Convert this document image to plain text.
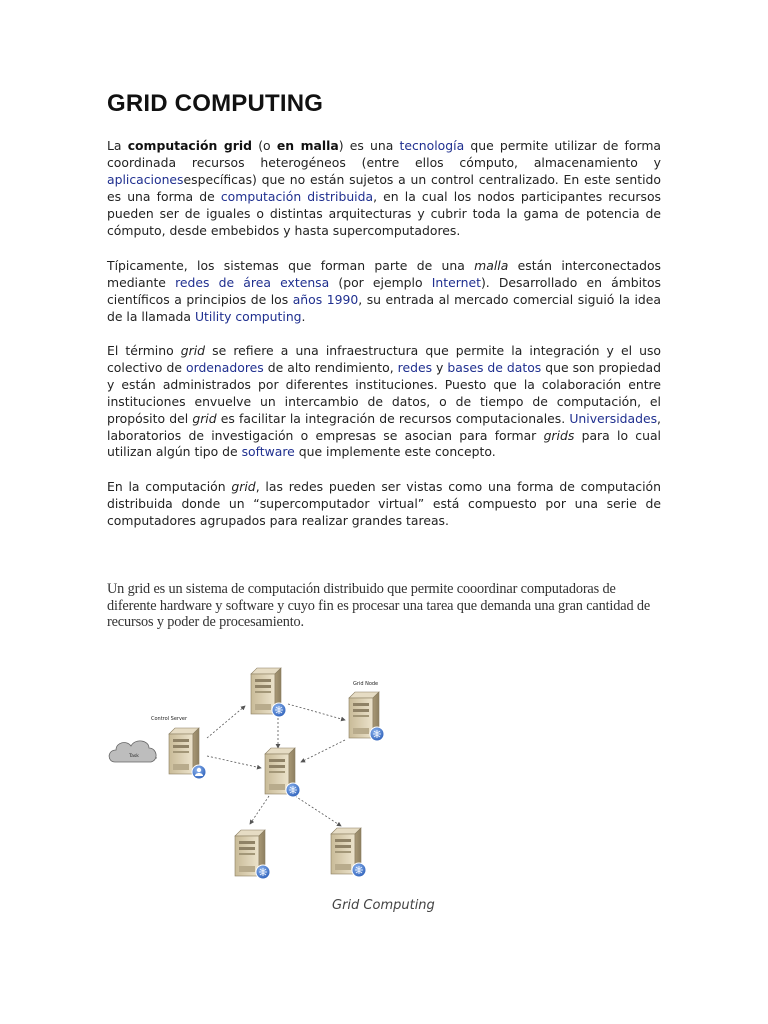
GRID COMPUTING

La computación grid (o en malla) es una tecnología que permite utilizar de forma coordinada recursos heterogéneos (entre ellos cómputo, almacenamiento y aplicacionesespecíficas) que no están sujetos a un control centralizado. En este sentido es una forma de computación distribuida, en la cual los nodos participantes recursos pueden ser de iguales o distintas arquitecturas y cubrir toda la gama de potencia de cómputo, desde embebidos y hasta supercomputadores.

Típicamente, los sistemas que forman parte de una malla están interconectados mediante redes de área extensa (por ejemplo Internet). Desarrollado en ámbitos científicos a principios de los años 1990, su entrada al mercado comercial siguió la idea de la llamada Utility computing.

El término grid se refiere a una infraestructura que permite la integración y el uso colectivo de ordenadores de alto rendimiento, redes y bases de datos que son propiedad y están administrados por diferentes instituciones. Puesto que la colaboración entre instituciones envuelve un intercambio de datos, o de tiempo de computación, el propósito del grid es facilitar la integración de recursos computacionales. Universidades, laboratorios de investigación o empresas se asocian para formar grids para lo cual utilizan algún tipo de software que implemente este concepto.

En la computación grid, las redes pueden ser vistas como una forma de computación distribuida donde un “supercomputador virtual” está compuesto por una serie de computadores agrupados para realizar grandes tareas.

Un grid es un sistema de computación distribuido que permite cooordinar computadoras de diferente hardware y software y cuyo fin es procesar una tarea que demanda una gran cantidad de recursos y poder de procesamiento.

Task
Control Server
Grid Node
Grid Computing
